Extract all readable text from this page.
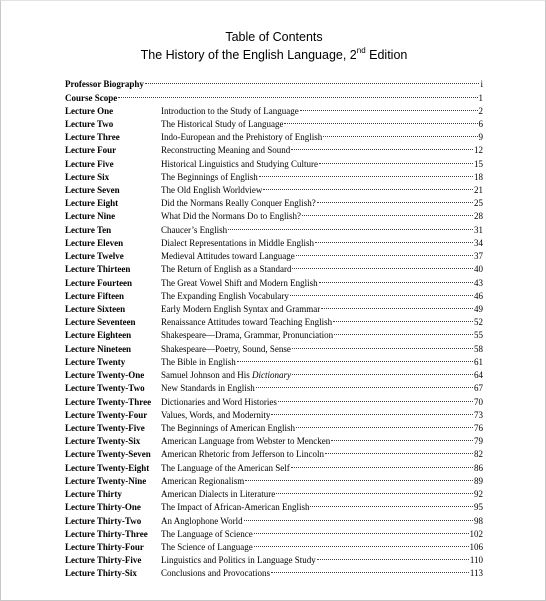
Table of Contents
The History of the English Language, 2nd Edition
Professor Biography	i
Course Scope	1
Lecture One	Introduction to the Study of Language	2
Lecture Two	The Historical Study of Language	6
Lecture Three	Indo-European and the Prehistory of English	9
Lecture Four	Reconstructing Meaning and Sound	12
Lecture Five	Historical Linguistics and Studying Culture	15
Lecture Six	The Beginnings of English	18
Lecture Seven	The Old English Worldview	21
Lecture Eight	Did the Normans Really Conquer English?	25
Lecture Nine	What Did the Normans Do to English?	28
Lecture Ten	Chaucer’s English	31
Lecture Eleven	Dialect Representations in Middle English	34
Lecture Twelve	Medieval Attitudes toward Language	37
Lecture Thirteen	The Return of English as a Standard	40
Lecture Fourteen	The Great Vowel Shift and Modern English	43
Lecture Fifteen	The Expanding English Vocabulary	46
Lecture Sixteen	Early Modern English Syntax and Grammar	49
Lecture Seventeen	Renaissance Attitudes toward Teaching English	52
Lecture Eighteen	Shakespeare—Drama, Grammar, Pronunciation	55
Lecture Nineteen	Shakespeare—Poetry, Sound, Sense	58
Lecture Twenty	The Bible in English	61
Lecture Twenty-One	Samuel Johnson and His Dictionary	64
Lecture Twenty-Two	New Standards in English	67
Lecture Twenty-Three	Dictionaries and Word Histories	70
Lecture Twenty-Four	Values, Words, and Modernity	73
Lecture Twenty-Five	The Beginnings of American English	76
Lecture Twenty-Six	American Language from Webster to Mencken	79
Lecture Twenty-Seven	American Rhetoric from Jefferson to Lincoln	82
Lecture Twenty-Eight	The Language of the American Self	86
Lecture Twenty-Nine	American Regionalism	89
Lecture Thirty	American Dialects in Literature	92
Lecture Thirty-One	The Impact of African-American English	95
Lecture Thirty-Two	An Anglophone World	98
Lecture Thirty-Three	The Language of Science	102
Lecture Thirty-Four	The Science of Language	106
Lecture Thirty-Five	Linguistics and Politics in Language Study	110
Lecture Thirty-Six	Conclusions and Provocations	113
